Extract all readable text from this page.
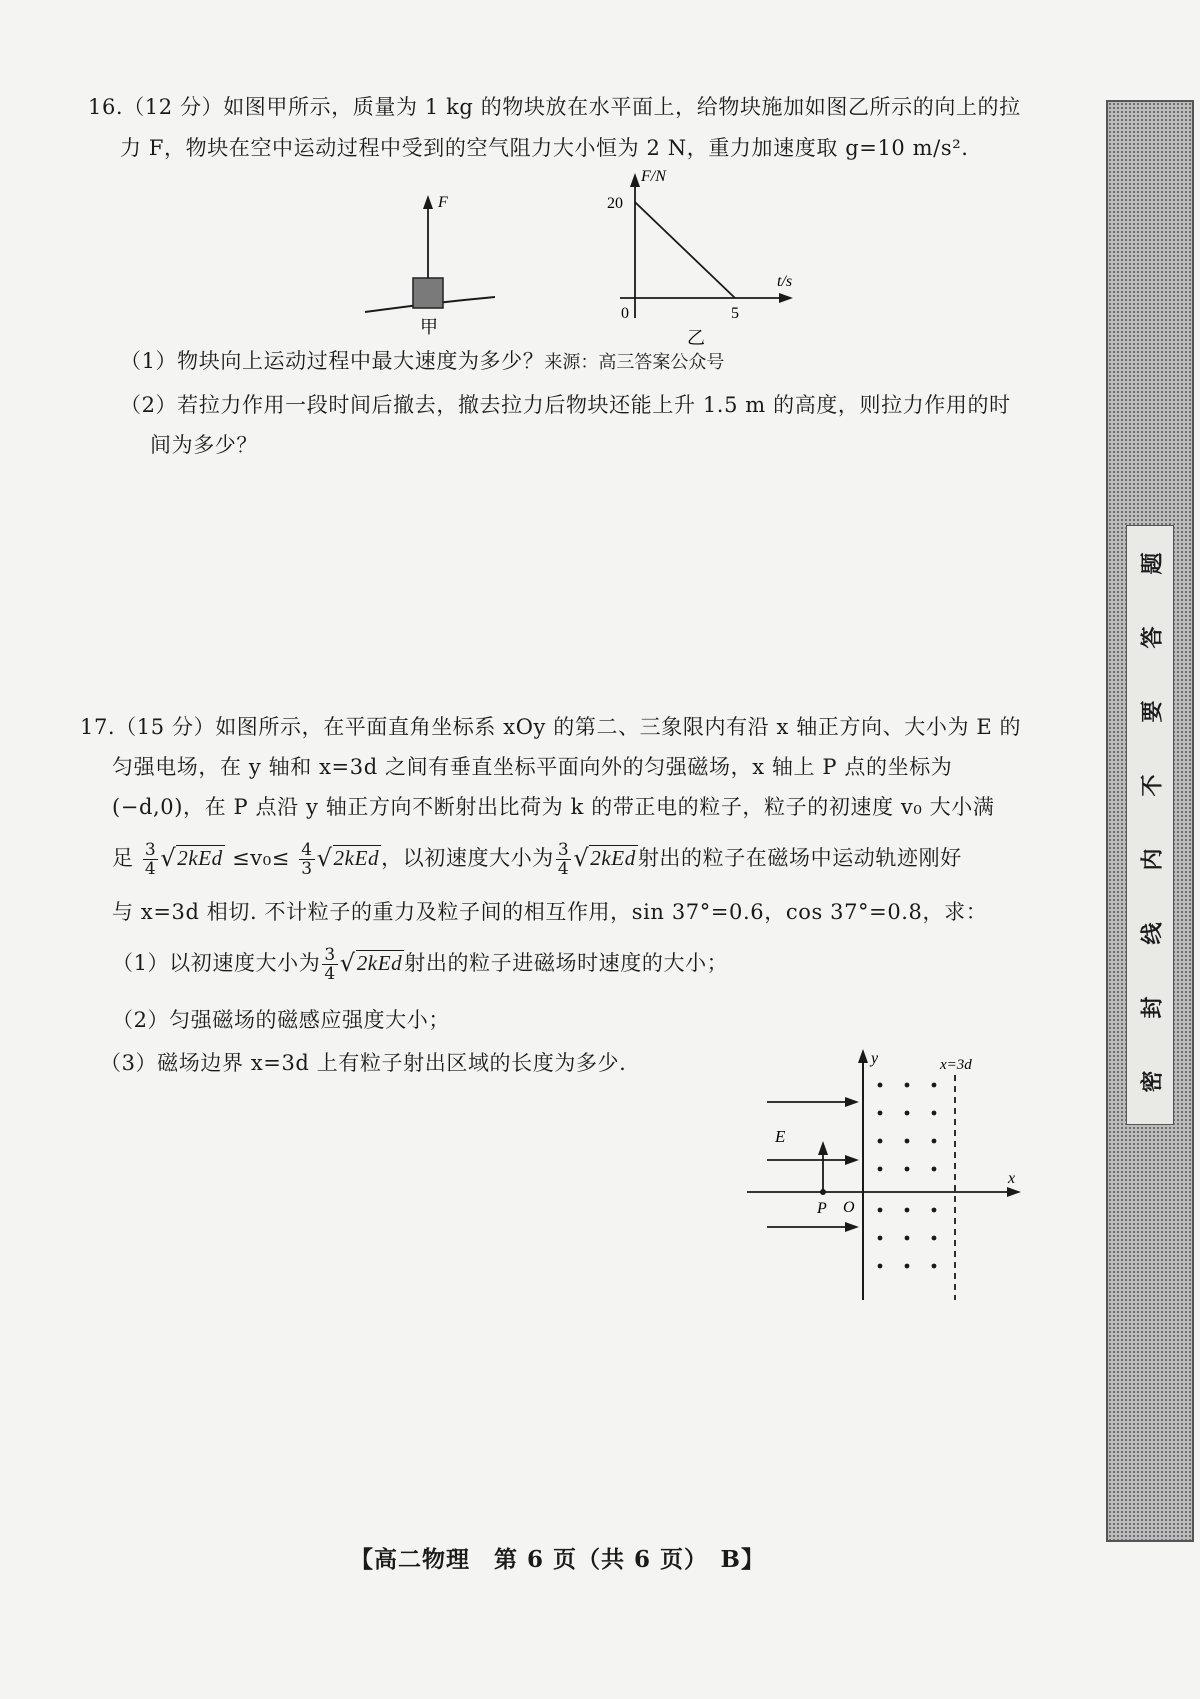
16.（12 分）如图甲所示，质量为 1 kg 的物块放在水平面上，给物块施加如图乙所示的向上的拉
力 F，物块在空中运动过程中受到的空气阻力大小恒为 2 N，重力加速度取 g=10 m/s².
F
甲
F/N
t/s
0	5
20
乙
（1）物块向上运动过程中最大速度为多少？来源：高三答案公众号
（2）若拉力作用一段时间后撤去，撤去拉力后物块还能上升 1.5 m 的高度，则拉力作用的时
间为多少？
17.（15 分）如图所示，在平面直角坐标系 xOy 的第二、三象限内有沿 x 轴正方向、大小为 E 的
匀强电场，在 y 轴和 x=3d 之间有垂直坐标平面向外的匀强磁场，x 轴上 P 点的坐标为
(−d,0)，在 P 点沿 y 轴正方向不断射出比荷为 k 的带正电的粒子，粒子的初速度 v₀ 大小满
足 $\frac{3}{4} √2kEd \le v_0\le \frac{4}{3} √2kEd$，以初速度大小为 $\frac{3}{4} √2kEd$射出的粒子在磁场中运动轨迹刚好
与 x=3d 相切. 不计粒子的重力及粒子间的相互作用，sin 37°=0.6，cos 37°=0.8，求：
（1）以初速度大小为 $\frac{3}{4} √2kEd$射出的粒子进磁场时速度的大小；
（2）匀强磁场的磁感应强度大小；
（3）磁场边界 x=3d 上有粒子射出区域的长度为多少.	y
x
x=3d
E
P O
密
封
线
内
不
要
答
题
【高二物理　第 6 页（共 6 页）　B】
